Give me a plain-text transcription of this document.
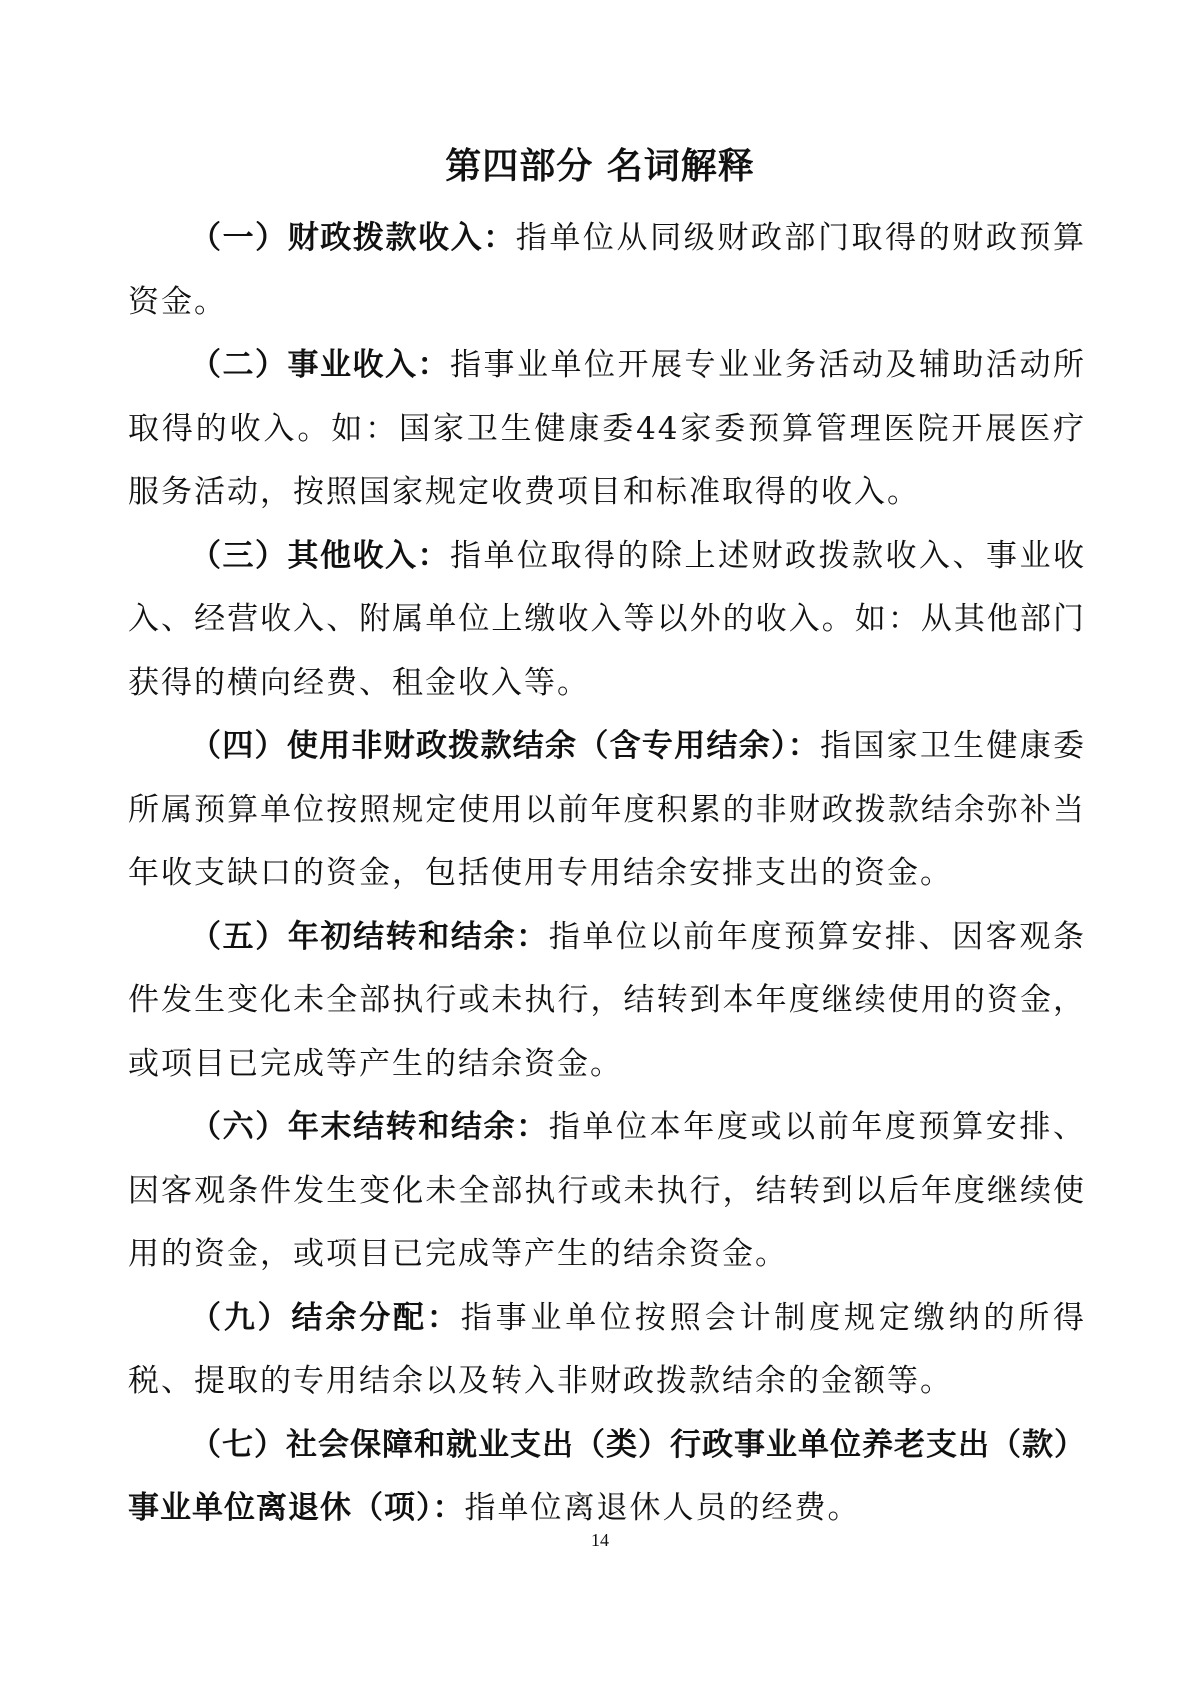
第四部分 名词解释

（一）财政拨款收入：指单位从同级财政部门取得的财政预算资金。

（二）事业收入：指事业单位开展专业业务活动及辅助活动所取得的收入。如：国家卫生健康委44家委预算管理医院开展医疗服务活动，按照国家规定收费项目和标准取得的收入。

（三）其他收入：指单位取得的除上述财政拨款收入、事业收入、经营收入、附属单位上缴收入等以外的收入。如：从其他部门获得的横向经费、租金收入等。

（四）使用非财政拨款结余（含专用结余）：指国家卫生健康委所属预算单位按照规定使用以前年度积累的非财政拨款结余弥补当年收支缺口的资金，包括使用专用结余安排支出的资金。

（五）年初结转和结余：指单位以前年度预算安排、因客观条件发生变化未全部执行或未执行，结转到本年度继续使用的资金，或项目已完成等产生的结余资金。

（六）年末结转和结余：指单位本年度或以前年度预算安排、因客观条件发生变化未全部执行或未执行，结转到以后年度继续使用的资金，或项目已完成等产生的结余资金。

（九）结余分配：指事业单位按照会计制度规定缴纳的所得税、提取的专用结余以及转入非财政拨款结余的金额等。

（七）社会保障和就业支出（类）行政事业单位养老支出（款）事业单位离退休（项）：指单位离退休人员的经费。

14
